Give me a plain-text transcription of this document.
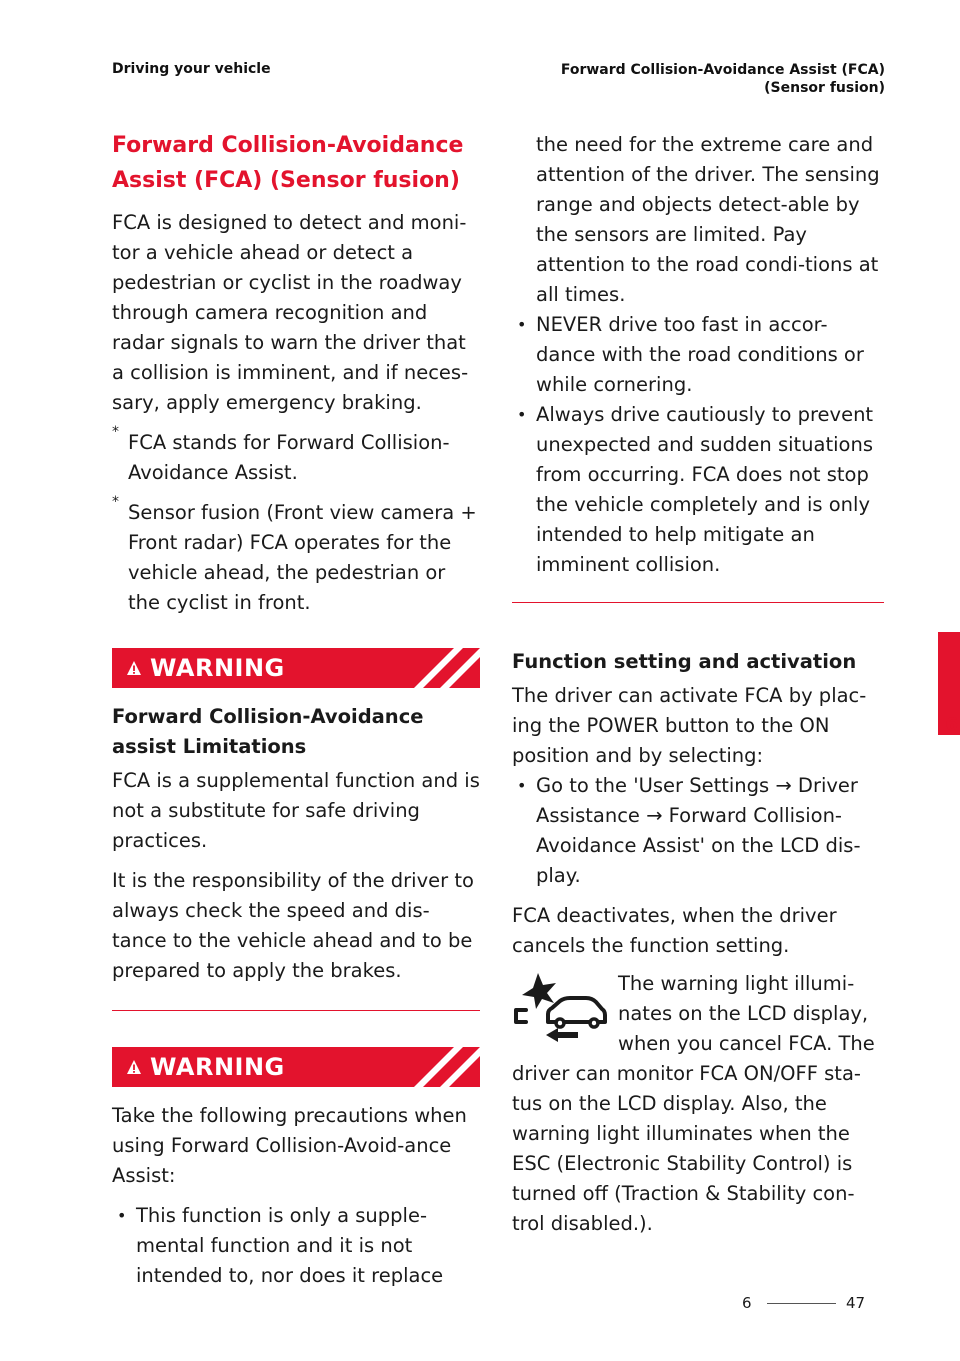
Driving your vehicle	Forward Collision-Avoidance Assist (FCA)
(Sensor fusion)
Forward Collision-Avoidance
Assist (FCA) (Sensor fusion)

FCA is designed to detect and moni-tor a vehicle ahead or detect a pedestrian or cyclist in the roadway through camera recognition and radar signals to warn the driver that a collision is imminent, and if neces-sary, apply emergency braking.

* FCA stands for Forward Collision-Avoidance Assist.

* Sensor fusion (Front view camera + Front radar) FCA operates for the vehicle ahead, the pedestrian or the cyclist in front.

WARNING
Forward Collision-Avoidance assist Limitations

FCA is a supplemental function and is not a substitute for safe driving practices.

It is the responsibility of the driver to always check the speed and dis-tance to the vehicle ahead and to be prepared to apply the brakes.

WARNING

Take the following precautions when using Forward Collision-Avoid-ance Assist:

• This function is only a supple-mental function and it is not intended to, nor does it replace
the need for the extreme care and attention of the driver. The sensing range and objects detect-able by the sensors are limited. Pay attention to the road condi-tions at all times.
• NEVER drive too fast in accor-dance with the road conditions or while cornering.
• Always drive cautiously to prevent unexpected and sudden situations from occurring. FCA does not stop the vehicle completely and is only intended to help mitigate an imminent collision.
Function setting and activation

The driver can activate FCA by plac-ing the POWER button to the ON position and by selecting:

• Go to the 'User Settings → Driver Assistance → Forward Collision-Avoidance Assist' on the LCD dis-play.

FCA deactivates, when the driver cancels the function setting.

The warning light illumi-nates on the LCD display, when you cancel FCA. The driver can monitor FCA ON/OFF sta-tus on the LCD display. Also, the warning light illuminates when the ESC (Electronic Stability Control) is turned off (Traction & Stability con-trol disabled.).

6
6	47
